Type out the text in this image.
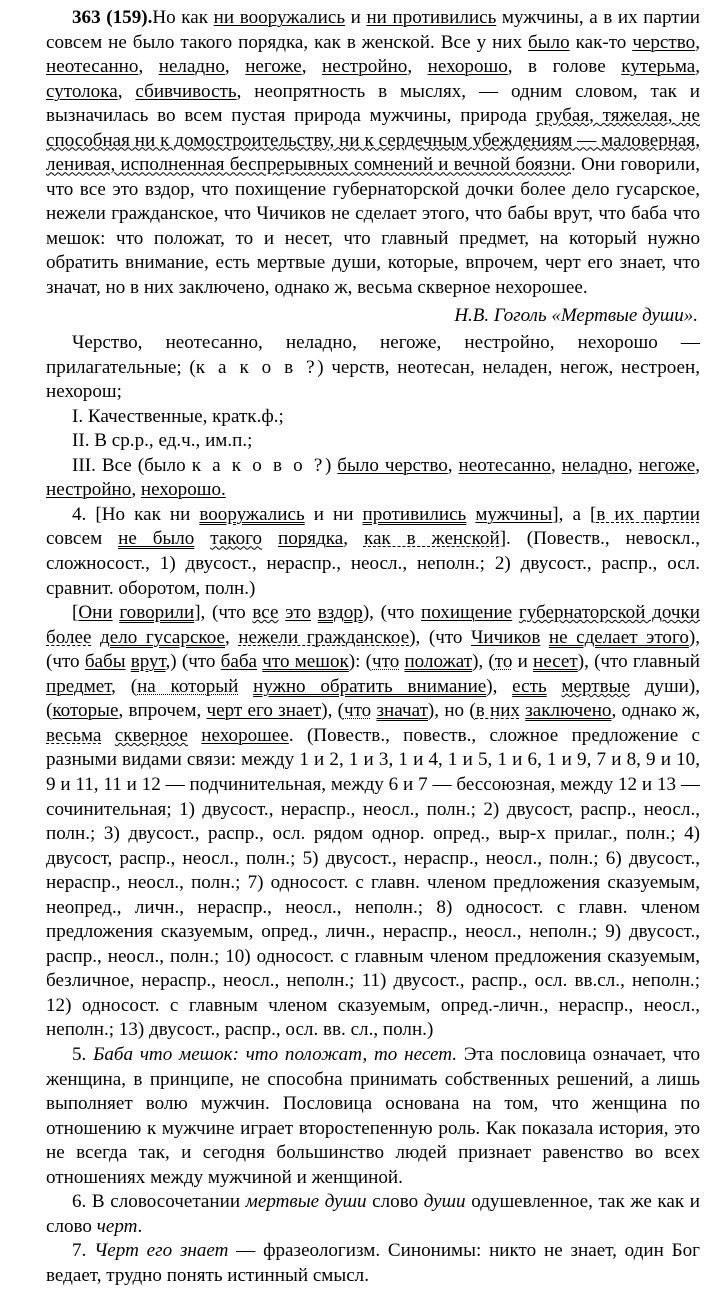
363 (159).Но как ни вооружались и ни противились мужчины, а в их партии совсем не было такого порядка, как в женской. Все у них было как-то черство, неотесанно, неладно, негоже, нестройно, нехорошо, в голове кутерьма, сутолока, сбивчивость, неопрятность в мыслях, — одним словом, так и вызначилась во всем пустая природа мужчины, природа грубая, тяжелая, не способная ни к домостроительству, ни к сердечным убеждениям — маловерная, ленивая, исполненная беспрерывных сомнений и вечной боязни. Они говорили, что все это вздор, что похищение губернаторской дочки более дело гусарское, нежели гражданское, что Чичиков не сделает этого, что бабы врут, что баба что мешок: что положат, то и несет, что главный предмет, на который нужно обратить внимание, есть мертвые души, которые, впрочем, черт его знает, что значат, но в них заключено, однако ж, весьма скверное нехорошее.

Н.В. Гоголь «Мертвые души».

Черство, неотесанно, неладно, негоже, нестройно, нехорошо — прилагательные; (к а к о в ?) черств, неотесан, неладен, негож, нестроен, нехорош;

I. Качественные, кратк.ф.;

II. В ср.р., ед.ч., им.п.;

III. Все (было к а к о в о ?) было черство, неотесанно, неладно, негоже, нестройно, нехорошо.

4. [Но как ни вооружались и ни противились мужчины], а [в их партии совсем не было такого порядка, как в женской]. (Повеств., невоскл., сложносост., 1) двусост., нераспр., неосл., неполн.; 2) двусост., распр., осл. сравнит. оборотом, полн.)

[Они говорили], (что все это вздор), (что похищение губернаторской дочки более дело гусарское, нежели гражданское), (что Чичиков не сделает этого), (что бабы врут,) (что баба что мешок): (что положат), (то и несет), (что главный предмет, (на который нужно обратить внимание), есть мертвые души), (которые, впрочем, черт его знает), (что значат), но (в них заключено, однако ж, весьма скверное нехорошее. (Повеств., повеств., сложное предложение с разными видами связи: между 1 и 2, 1 и 3, 1 и 4, 1 и 5, 1 и 6, 1 и 9, 7 и 8, 9 и 10, 9 и 11, 11 и 12 — подчинительная, между 6 и 7 — бессоюзная, между 12 и 13 — сочинительная; 1) двусост., нераспр., неосл., полн.; 2) двусост, распр., неосл., полн.; 3) двусост., распр., осл. рядом однор. опред., выр-х прилаг., полн.; 4) двусост, распр., неосл., полн.; 5) двусост., нераспр., неосл., полн.; 6) двусост., нераспр., неосл., полн.; 7) односост. с главн. членом предложения сказуемым, неопред., личн., нераспр., неосл., неполн.; 8) односост. с главн. членом предложения сказуемым, опред., личн., нераспр., неосл., неполн.; 9) двусост., распр., неосл., полн.; 10) односост. с главным членом предложения сказуемым, безличное, нераспр., неосл., неполн.; 11) двусост., распр., осл. вв.сл., неполн.; 12) односост. с главным членом сказуемым, опред.-личн., нераспр., неосл., неполн.; 13) двусост., распр., осл. вв. сл., полн.)

5. Баба что мешок: что положат, то несет. Эта пословица означает, что женщина, в принципе, не способна принимать собственных решений, а лишь выполняет волю мужчин. Пословица основана на том, что женщина по отношению к мужчине играет второстепенную роль. Как показала история, это не всегда так, и сегодня большинство людей признает равенство во всех отношениях между мужчиной и женщиной.

6. В словосочетании мертвые души слово души одушевленное, так же как и слово черт.

7. Черт его знает — фразеологизм. Синонимы: никто не знает, один Бог ведает, трудно понять истинный смысл.
